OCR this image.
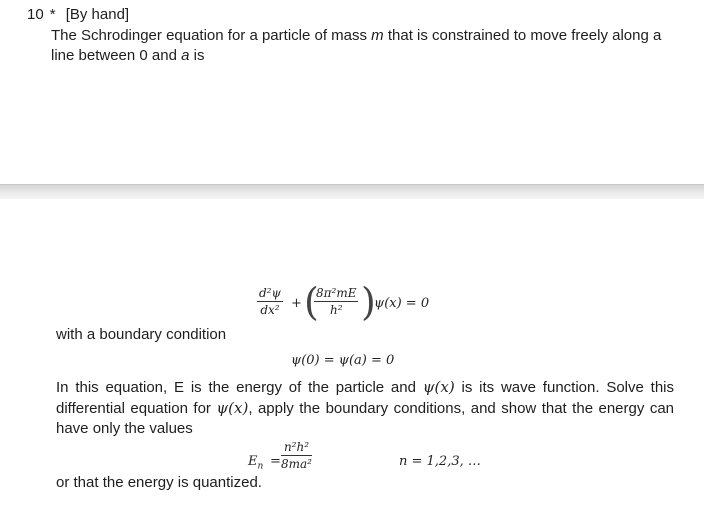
10 * [By hand]
The Schrodinger equation for a particle of mass m that is constrained to move freely along a line between 0 and a is
$\frac{\text{d²ψ}}{\text{dx²}}$ + (
$\frac{\text{8π²mE}}{\text{h²}}$ )
ψ(x) = 0
with a boundary condition
ψ(0) = ψ(a) = 0
In this equation, E is the energy of the particle and ψ(x) is its wave function. Solve this differential equation for ψ(x), apply the boundary conditions, and show that the energy can have only the values
$E_n = \frac{\text{n²h²}}{\text{8ma²}}$	n = 1,2,3, …
or that the energy is quantized.
